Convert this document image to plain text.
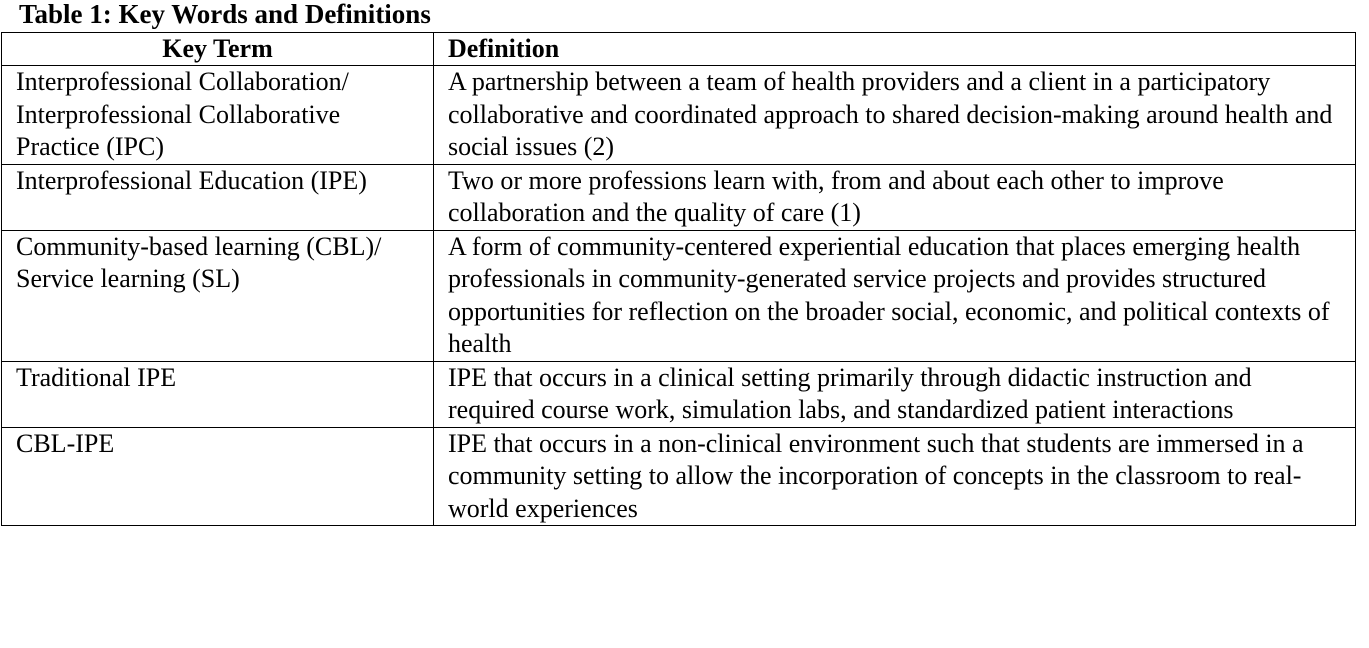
Table 1: Key Words and Definitions
Key Term	Definition
Interprofessional Collaboration/ Interprofessional Collaborative Practice (IPC)	A partnership between a team of health providers and a client in a participatory collaborative and coordinated approach to shared decision-making around health and social issues (2)
Interprofessional Education (IPE)	Two or more professions learn with, from and about each other to improve collaboration and the quality of care (1)
Community-based learning (CBL)/ Service learning (SL)	A form of community-centered experiential education that places emerging health professionals in community-generated service projects and provides structured opportunities for reflection on the broader social, economic, and political contexts of health
Traditional IPE	IPE that occurs in a clinical setting primarily through didactic instruction and required course work, simulation labs, and standardized patient interactions
CBL-IPE	IPE that occurs in a non-clinical environment such that students are immersed in a community setting to allow the incorporation of concepts in the classroom to real-world experiences
